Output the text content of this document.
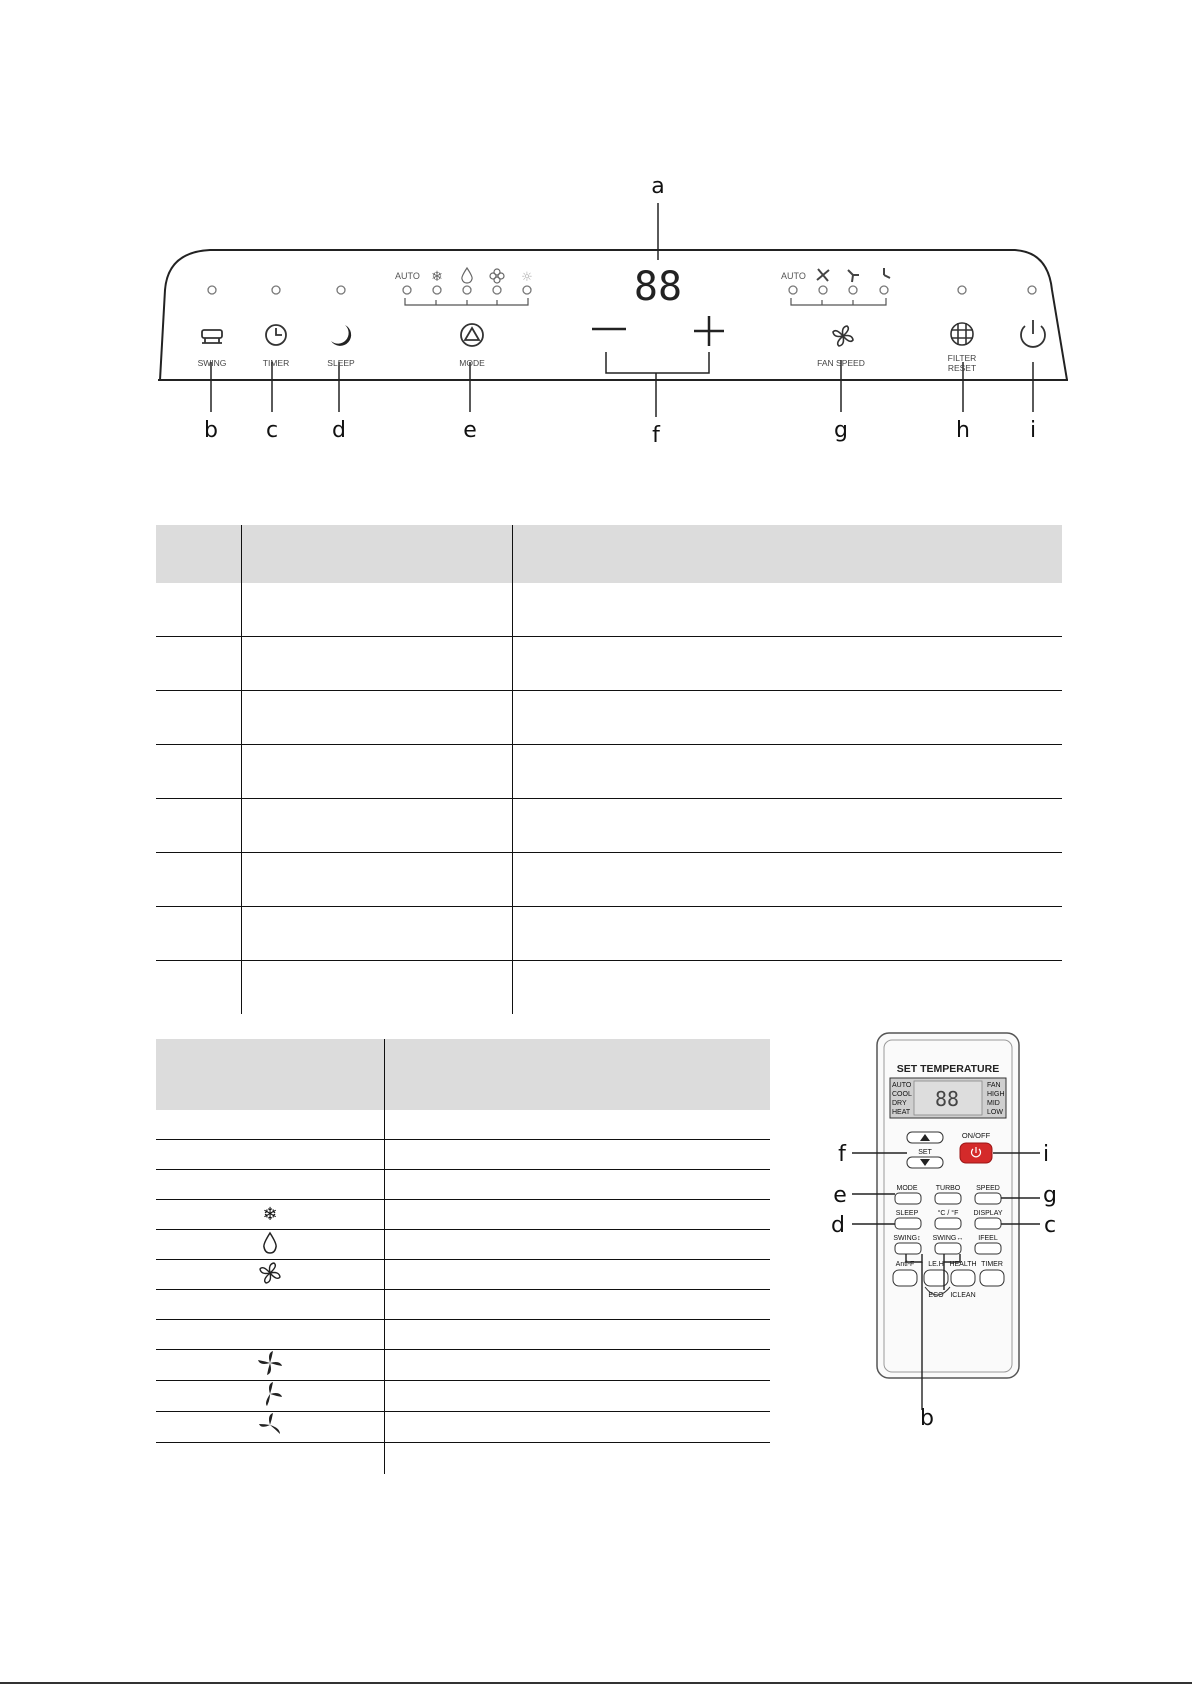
a
b	c	d	e	f	g	h	i
AUTO	AUTO
❄	☼	88
SWING	TIMER	SLEEP	MODE	FAN SPEED	FILTER
RESET

❄	

SET TEMPERATURE
88
AUTO
COOL
DRY
HEAT
FAN
HIGH
MID
LOW
SET
ON/OFF
MODE	TURBO SPEED
SLEEP	°C / °F DISPLAY
SWING↕ SWING↔ IFEEL
Anti-F LE.H HEALTH TIMER
ECO ICLEAN
f	i
e	g
d	c
b
